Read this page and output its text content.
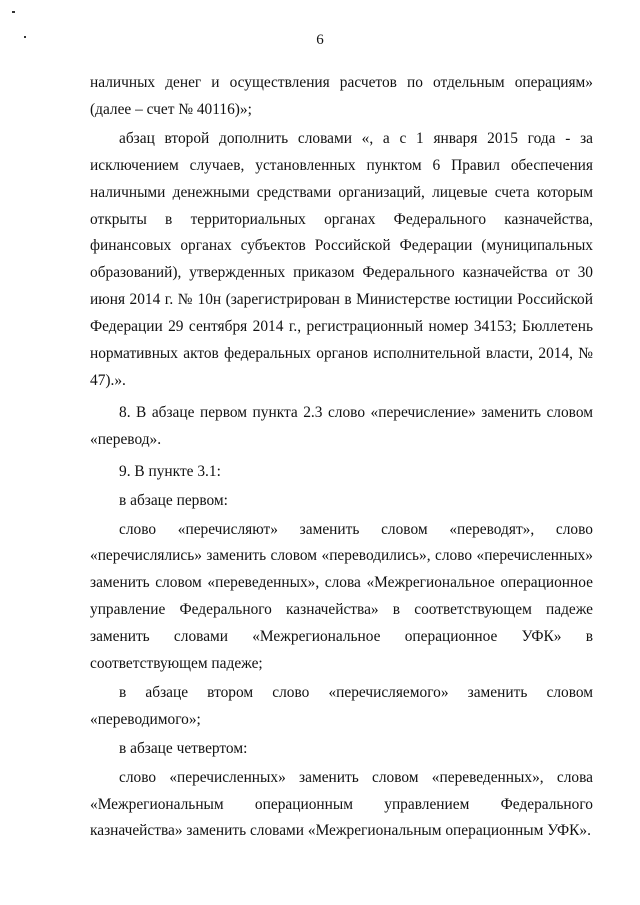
6

наличных денег и осуществления расчетов по отдельным операциям» (далее – счет № 40116)»;

абзац второй дополнить словами «, а с 1 января 2015 года - за исключением случаев, установленных пунктом 6 Правил обеспечения наличными денежными средствами организаций, лицевые счета которым открыты в территориальных органах Федерального казначейства, финансовых органах субъектов Российской Федерации (муниципальных образований), утвержденных приказом Федерального казначейства от 30 июня 2014 г. № 10н (зарегистрирован в Министерстве юстиции Российской Федерации 29 сентября 2014 г., регистрационный номер 34153; Бюллетень нормативных актов федеральных органов исполнительной власти, 2014, № 47).».

8. В абзаце первом пункта 2.3 слово «перечисление» заменить словом «перевод».

9. В пункте 3.1:

в абзаце первом:

слово «перечисляют» заменить словом «переводят», слово «перечислялись» заменить словом «переводились», слово «перечисленных» заменить словом «переведенных», слова «Межрегиональное операционное управление Федерального казначейства» в соответствующем падеже заменить словами «Межрегиональное операционное УФК» в соответствующем падеже;

в абзаце втором слово «перечисляемого» заменить словом «переводимого»;

в абзаце четвертом:

слово «перечисленных» заменить словом «переведенных», слова «Межрегиональным операционным управлением Федерального казначейства» заменить словами «Межрегиональным операционным УФК».
